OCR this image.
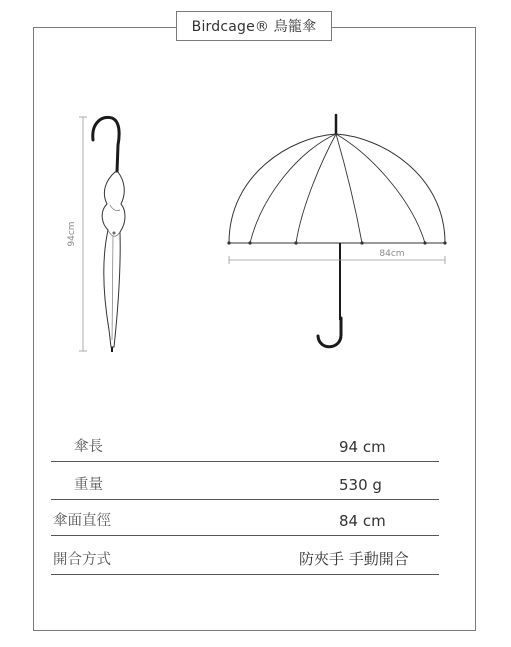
Birdcage® 鳥籠傘
94cm
84cm
傘長	94 cm
重量	530 g
傘面直徑	84 cm
開合方式	防夾手 手動開合
